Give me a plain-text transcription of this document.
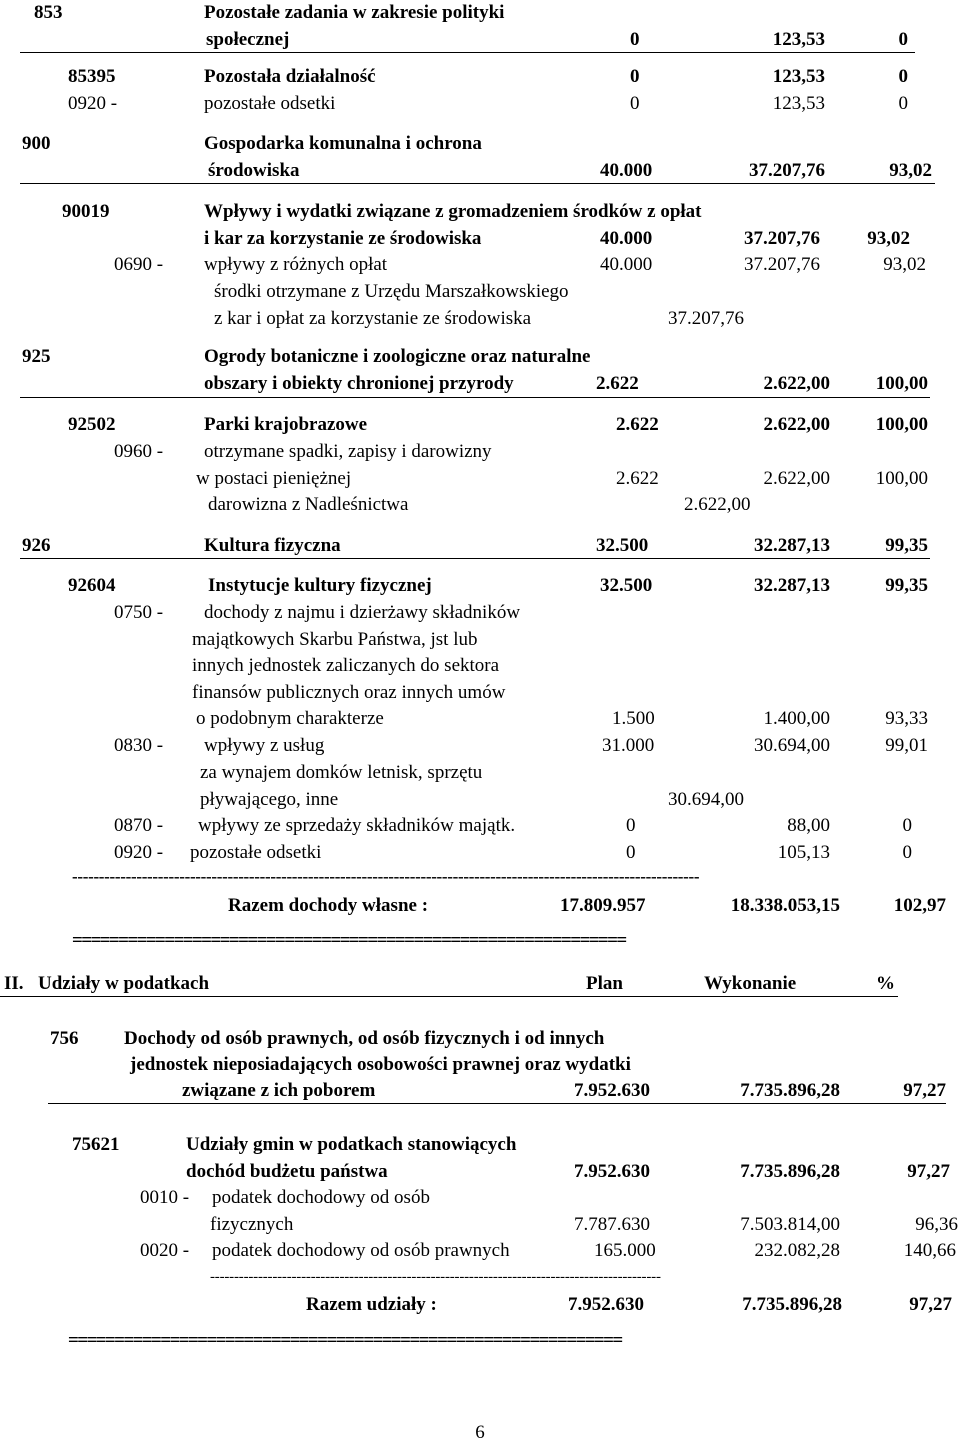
853	Pozostałe zadania w zakresie polityki
społecznej	0	123,53	0
85395	Pozostała działalność	0	123,53	0
0920 -	pozostałe odsetki	0	123,53	0
900	Gospodarka komunalna i ochrona
środowiska	40.000	37.207,76	93,02
90019	Wpływy i wydatki związane z gromadzeniem środków z opłat
i kar za korzystanie ze środowiska	40.000	37.207,76	93,02
0690 - wpływy z różnych opłat	40.000	37.207,76	93,02
środki otrzymane z Urzędu Marszałkowskiego
z kar i opłat za korzystanie ze środowiska	37.207,76
925	Ogrody botaniczne i zoologiczne oraz naturalne
obszary i obiekty chronionej przyrody	2.622	2.622,00	100,00
92502	Parki krajobrazowe	2.622	2.622,00	100,00
0960 - otrzymane spadki, zapisy i darowizny
w postaci pieniężnej	2.622	2.622,00	100,00
darowizna z Nadleśnictwa	2.622,00
926	Kultura fizyczna	32.500	32.287,13	99,35
92604	Instytucje kultury fizycznej	32.500	32.287,13	99,35
0750 - dochody z najmu i dzierżawy składników
majątkowych Skarbu Państwa, jst lub
innych jednostek zaliczanych do sektora
finansów publicznych oraz innych umów
o podobnym charakterze	1.500	1.400,00	93,33
0830 - wpływy z usług	31.000	30.694,00	99,01
za wynajem domków letnisk, sprzętu
pływającego, inne	30.694,00
0870 - wpływy ze sprzedaży składników majątk.	0	88,00	0
0920 - pozostałe odsetki	0	105,13	0
---------------------------------------------------------------------------------------------------------------------
Razem dochody własne :	17.809.957	18.338.053,15	102,97
============================================================
II. Udziały w podatkach	Plan	Wykonanie	%
756 Dochody od osób prawnych, od osób fizycznych i od innych
jednostek nieposiadających osobowości prawnej oraz wydatki
związane z ich poborem	7.952.630	7.735.896,28	97,27
75621	Udziały gmin w podatkach stanowiących
dochód budżetu państwa	7.952.630	7.735.896,28	97,27
0010 - podatek dochodowy od osób
fizycznych	7.787.630	7.503.814,00	96,36
0020 - podatek dochodowy od osób prawnych	165.000	232.082,28	140,66
----------------------------------------------------------------------------------------------
Razem udziały :	7.952.630	7.735.896,28	97,27
============================================================
6
